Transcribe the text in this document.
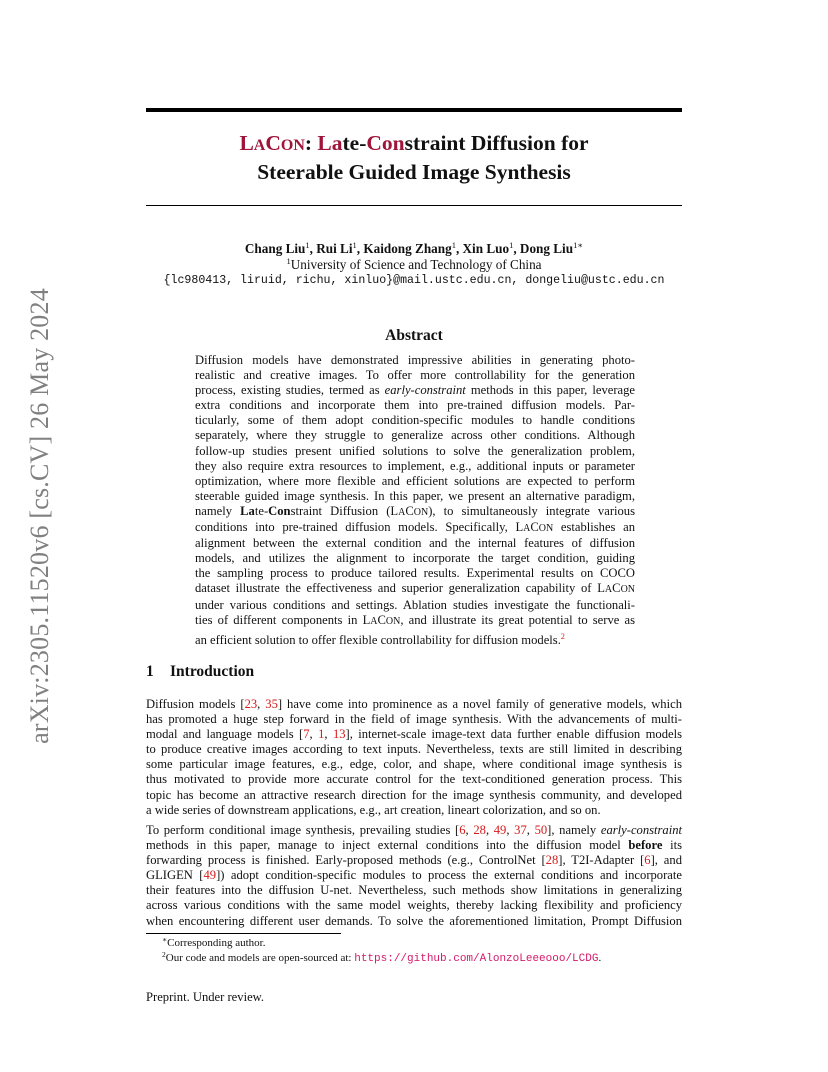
arXiv:2305.11520v6 [cs.CV] 26 May 2024
LACON: Late-Constraint Diffusion for
Steerable Guided Image Synthesis
Chang Liu$^1$, Rui Li$^1$, Kaidong Zhang$^1$, Xin Luo$^1$, Dong Liu$^{1∗}$
$^1$University of Science and Technology of China
{lc980413, liruid, richu, xinluo}@mail.ustc.edu.cn, dongeliu@ustc.edu.cn
Abstract
Diffusion models have demonstrated impressive abilities in generating photo-
realistic and creative images. To offer more controllability for the generation
process, existing studies, termed as early-constraint methods in this paper, leverage
extra conditions and incorporate them into pre-trained diffusion models. Par-
ticularly, some of them adopt condition-specific modules to handle conditions
separately, where they struggle to generalize across other conditions. Although
follow-up studies present unified solutions to solve the generalization problem,
they also require extra resources to implement, e.g., additional inputs or parameter
optimization, where more flexible and efficient solutions are expected to perform
steerable guided image synthesis. In this paper, we present an alternative paradigm,
namely Late-Constraint Diffusion (LACON), to simultaneously integrate various
conditions into pre-trained diffusion models. Specifically, LACON establishes an
alignment between the external condition and the internal features of diffusion
models, and utilizes the alignment to incorporate the target condition, guiding
the sampling process to produce tailored results. Experimental results on COCO
dataset illustrate the effectiveness and superior generalization capability of LACON
under various conditions and settings. Ablation studies investigate the functionali-
ties of different components in LACON, and illustrate its great potential to serve as
an efficient solution to offer flexible controllability for diffusion models.$^2$
1 Introduction
Diffusion models [23, 35] have come into prominence as a novel family of generative models, which
has promoted a huge step forward in the field of image synthesis. With the advancements of multi-
modal and language models [7, 1, 13], internet-scale image-text data further enable diffusion models
to produce creative images according to text inputs. Nevertheless, texts are still limited in describing
some particular image features, e.g., edge, color, and shape, where conditional image synthesis is
thus motivated to provide more accurate control for the text-conditioned generation process. This
topic has become an attractive research direction for the image synthesis community, and developed
a wide series of downstream applications, e.g., art creation, lineart colorization, and so on.
To perform conditional image synthesis, prevailing studies [6, 28, 49, 37, 50], namely early-constraint
methods in this paper, manage to inject external conditions into the diffusion model before its
forwarding process is finished. Early-proposed methods (e.g., ControlNet [28], T2I-Adapter [6], and
GLIGEN [49]) adopt condition-specific modules to process the external conditions and incorporate
their features into the diffusion U-net. Nevertheless, such methods show limitations in generalizing
across various conditions with the same model weights, thereby lacking flexibility and proficiency
when encountering different user demands. To solve the aforementioned limitation, Prompt Diffusion
∗Corresponding author.
$^2$Our code and models are open-sourced at: https://github.com/AlonzoLeeeooo/LCDG.
Preprint. Under review.
